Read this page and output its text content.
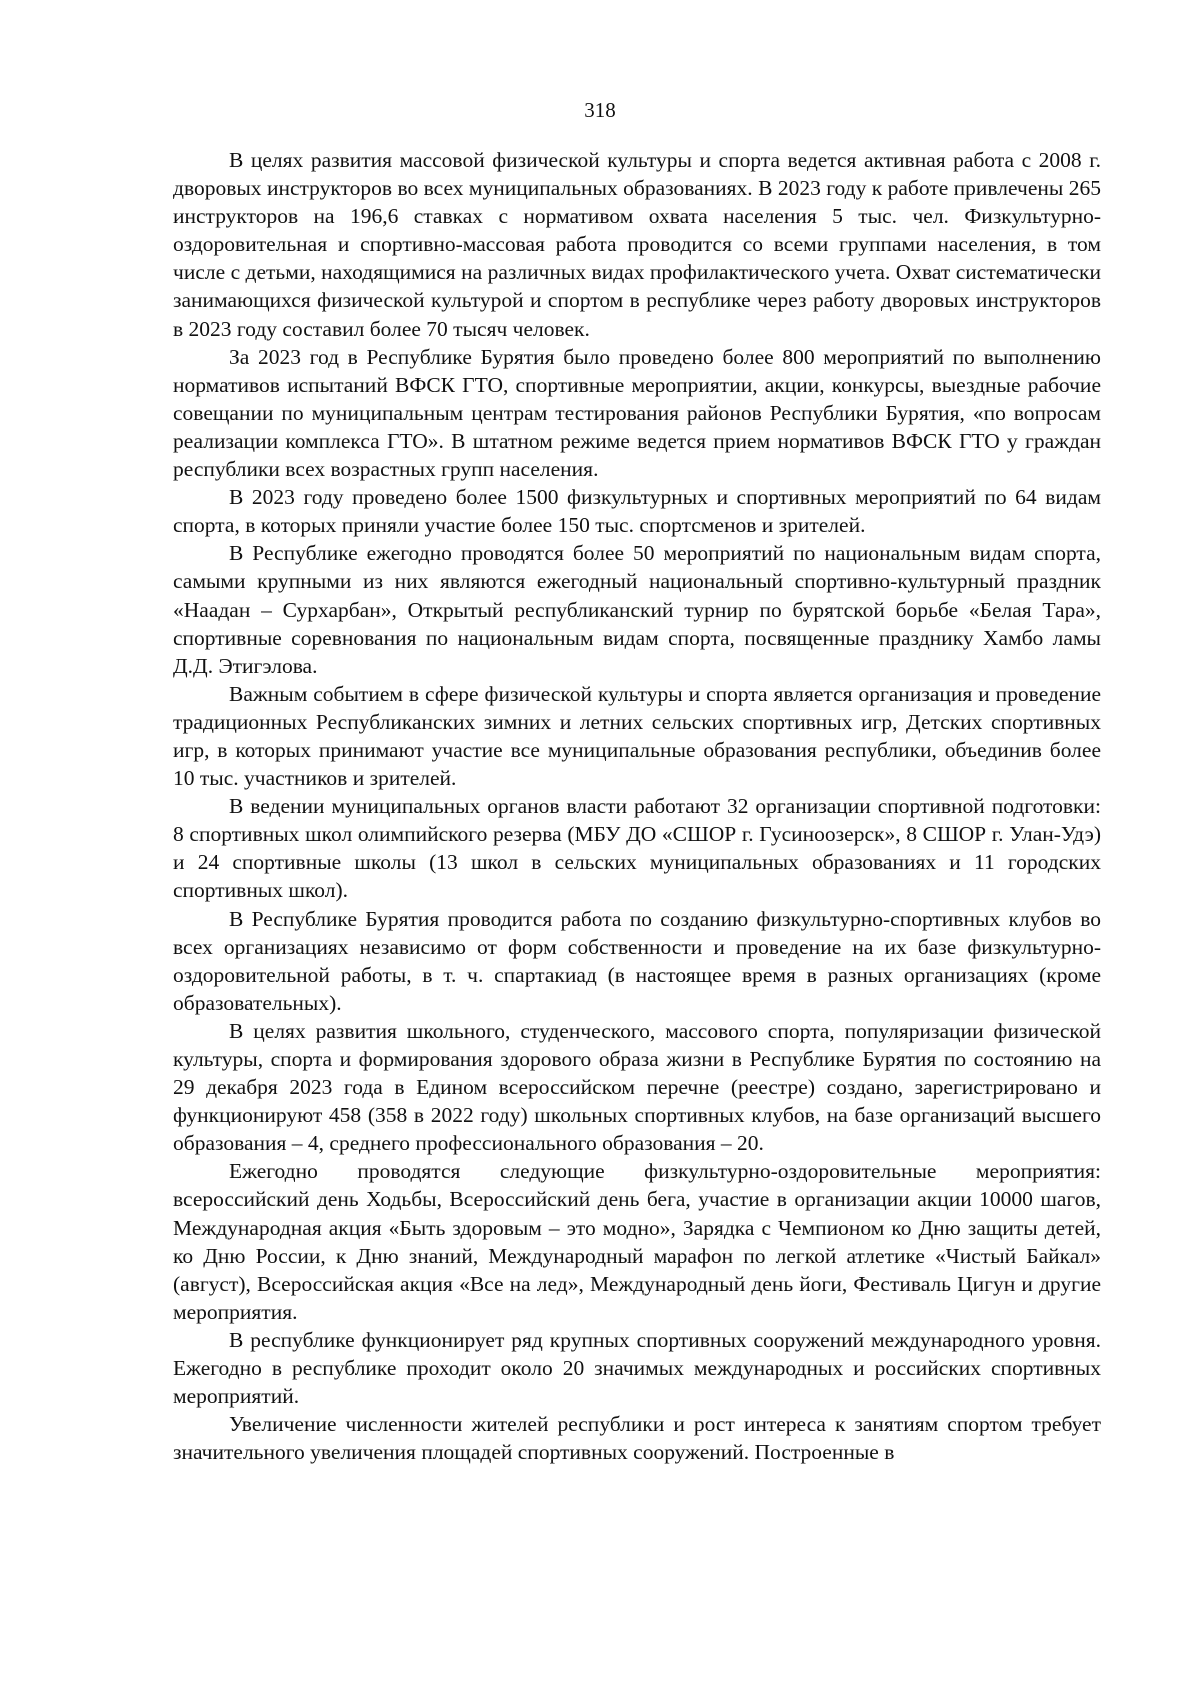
318

В целях развития массовой физической культуры и спорта ведется активная работа с 2008 г. дворовых инструкторов во всех муниципальных образованиях. В 2023 году к работе привлечены 265 инструкторов на 196,6 ставках с нормативом охвата населения 5 тыс. чел. Физкультурно-оздоровительная и спортивно-массовая работа проводится со всеми группами населения, в том числе с детьми, находящимися на различных видах профилактического учета. Охват систематически занимающихся физической культурой и спортом в республике через работу дворовых инструкторов в 2023 году составил более 70 тысяч человек.

За 2023 год в Республике Бурятия было проведено более 800 мероприятий по выполнению нормативов испытаний ВФСК ГТО, спортивные мероприятии, акции, конкурсы, выездные рабочие совещании по муниципальным центрам тестирования районов Республики Бурятия, «по вопросам реализации комплекса ГТО». В штатном режиме ведется прием нормативов ВФСК ГТО у граждан республики всех возрастных групп населения.

В 2023 году проведено более 1500 физкультурных и спортивных мероприятий по 64 видам спорта, в которых приняли участие более 150 тыс. спортсменов и зрителей.

В Республике ежегодно проводятся более 50 мероприятий по национальным видам спорта, самыми крупными из них являются ежегодный национальный спортивно-культурный праздник «Наадан – Сурхарбан», Открытый республиканский турнир по бурятской борьбе «Белая Тара», спортивные соревнования по национальным видам спорта, посвященные празднику Хамбо ламы Д.Д. Этигэлова.

Важным событием в сфере физической культуры и спорта является организация и проведение традиционных Республиканских зимних и летних сельских спортивных игр, Детских спортивных игр, в которых принимают участие все муниципальные образования республики, объединив более 10 тыс. участников и зрителей.

В ведении муниципальных органов власти работают 32 организации спортивной подготовки: 8 спортивных школ олимпийского резерва (МБУ ДО «СШОР г. Гусиноозерск», 8 СШОР г. Улан-Удэ) и 24 спортивные школы (13 школ в сельских муниципальных образованиях и 11 городских спортивных школ).

В Республике Бурятия проводится работа по созданию физкультурно-спортивных клубов во всех организациях независимо от форм собственности и проведение на их базе физкультурно-оздоровительной работы, в т. ч. спартакиад (в настоящее время в разных организациях (кроме образовательных).

В целях развития школьного, студенческого, массового спорта, популяризации физической культуры, спорта и формирования здорового образа жизни в Республике Бурятия по состоянию на 29 декабря 2023 года в Едином всероссийском перечне (реестре) создано, зарегистрировано и функционируют 458 (358 в 2022 году) школьных спортивных клубов, на базе организаций высшего образования – 4, среднего профессионального образования – 20.

Ежегодно проводятся следующие физкультурно-оздоровительные мероприятия: всероссийский день Ходьбы, Всероссийский день бега, участие в организации акции 10000 шагов, Международная акция «Быть здоровым – это модно», Зарядка с Чемпионом ко Дню защиты детей, ко Дню России, к Дню знаний, Международный марафон по легкой атлетике «Чистый Байкал» (август), Всероссийская акция «Все на лед», Международный день йоги, Фестиваль Цигун и другие мероприятия.

В республике функционирует ряд крупных спортивных сооружений международного уровня. Ежегодно в республике проходит около 20 значимых международных и российских спортивных мероприятий.

Увеличение численности жителей республики и рост интереса к занятиям спортом требует значительного увеличения площадей спортивных сооружений. Построенные в
